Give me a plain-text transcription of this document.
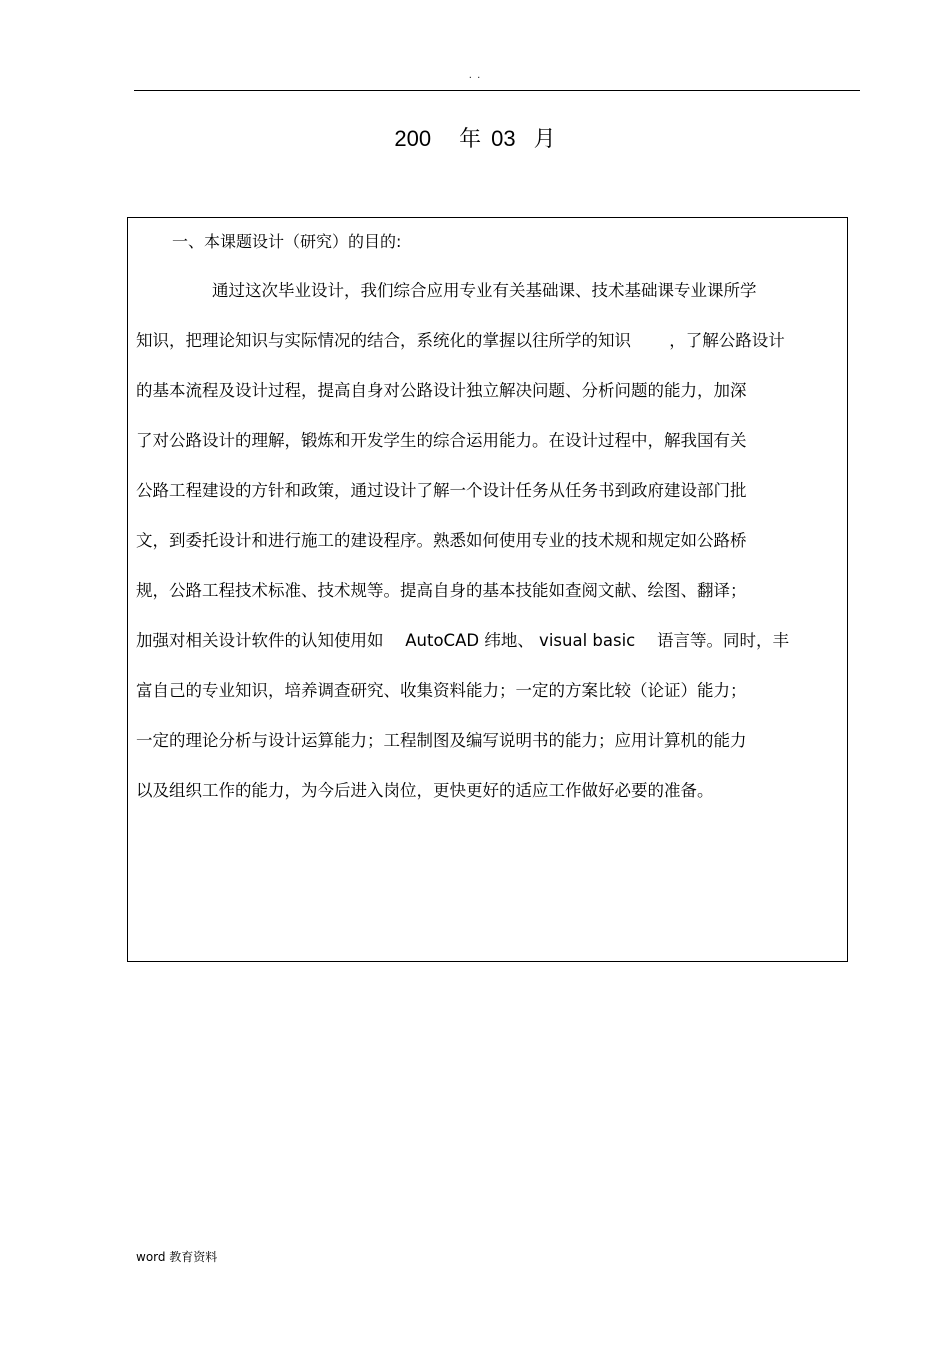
. .
200 年 03 月
一、本课题设计（研究）的目的:
通过这次毕业设计，我们综合应用专业有关基础课、技术基础课专业课所学
知识，把理论知识与实际情况的结合，系统化的掌握以往所学的知识 　　，了解公路设计
的基本流程及设计过程，提高自身对公路设计独立解决问题、分析问题的能力，加深
了对公路设计的理解，锻炼和开发学生的综合运用能力。在设计过程中，解我国有关
公路工程建设的方针和政策，通过设计了解一个设计任务从任务书到政府建设部门批
文，到委托设计和进行施工的建设程序。熟悉如何使用专业的技术规和规定如公路桥
规，公路工程技术标准、技术规等。提高自身的基本技能如查阅文献、绘图、翻译；
加强对相关设计软件的认知使用如 　AutoCAD 纬地、 visual basic 　语言等。同时，丰
富自己的专业知识，培养调查研究、收集资料能力；一定的方案比较（论证）能力；
一定的理论分析与设计运算能力；工程制图及编写说明书的能力；应用计算机的能力
以及组织工作的能力，为今后进入岗位，更快更好的适应工作做好必要的准备。
word 教育资料
